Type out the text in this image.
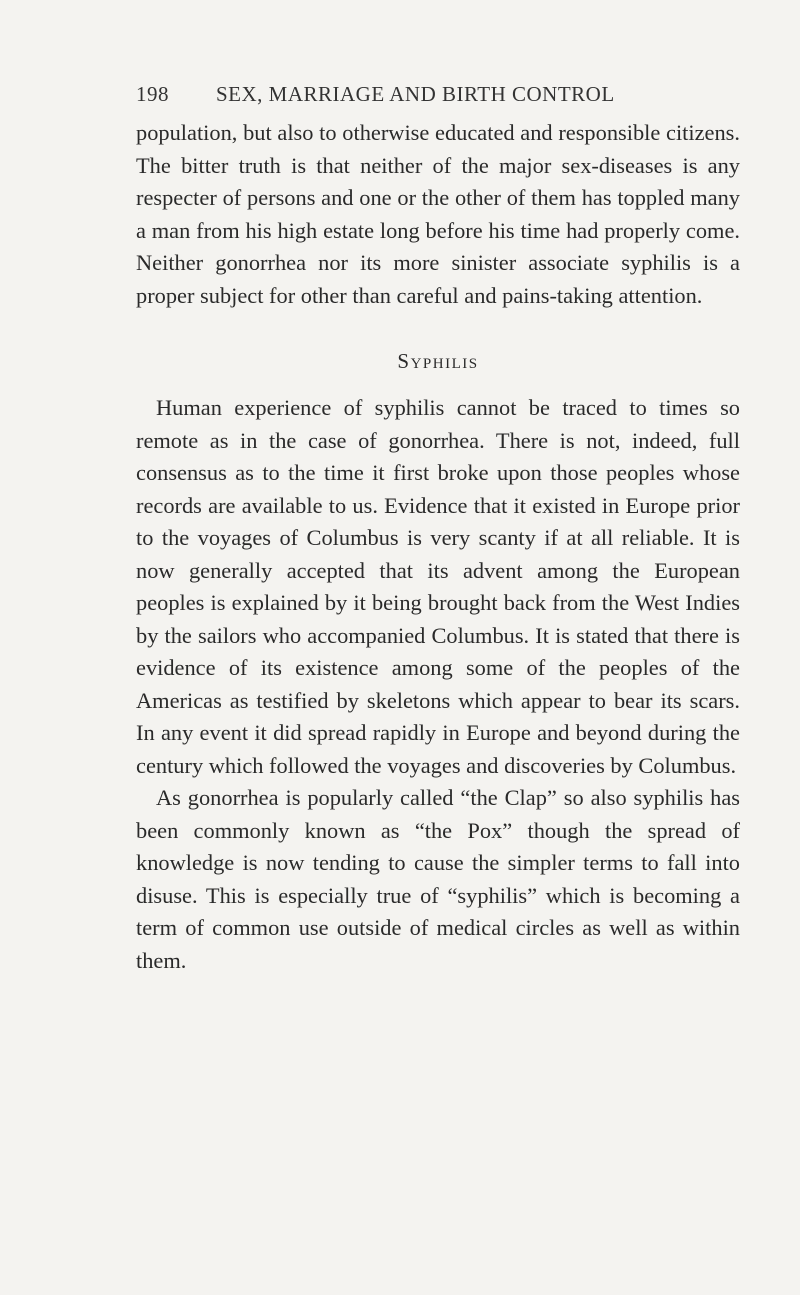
198	SEX, MARRIAGE AND BIRTH CONTROL

population, but also to otherwise educated and responsible citizens. The bitter truth is that neither of the major sex-diseases is any respecter of persons and one or the other of them has toppled many a man from his high estate long before his time had properly come. Neither gonorrhea nor its more sinister associate syphilis is a proper subject for other than careful and pains-taking attention.

Syphilis

Human experience of syphilis cannot be traced to times so remote as in the case of gonorrhea. There is not, indeed, full consensus as to the time it first broke upon those peoples whose records are available to us. Evidence that it existed in Europe prior to the voyages of Columbus is very scanty if at all reliable. It is now generally accepted that its advent among the European peoples is explained by it being brought back from the West Indies by the sailors who accompanied Columbus. It is stated that there is evidence of its existence among some of the peoples of the Americas as testified by skeletons which appear to bear its scars. In any event it did spread rapidly in Europe and beyond during the century which followed the voyages and discoveries by Columbus.

As gonorrhea is popularly called “the Clap” so also syphilis has been commonly known as “the Pox” though the spread of knowledge is now tending to cause the simpler terms to fall into disuse. This is especially true of “syphilis” which is becoming a term of common use outside of medical circles as well as within them.
